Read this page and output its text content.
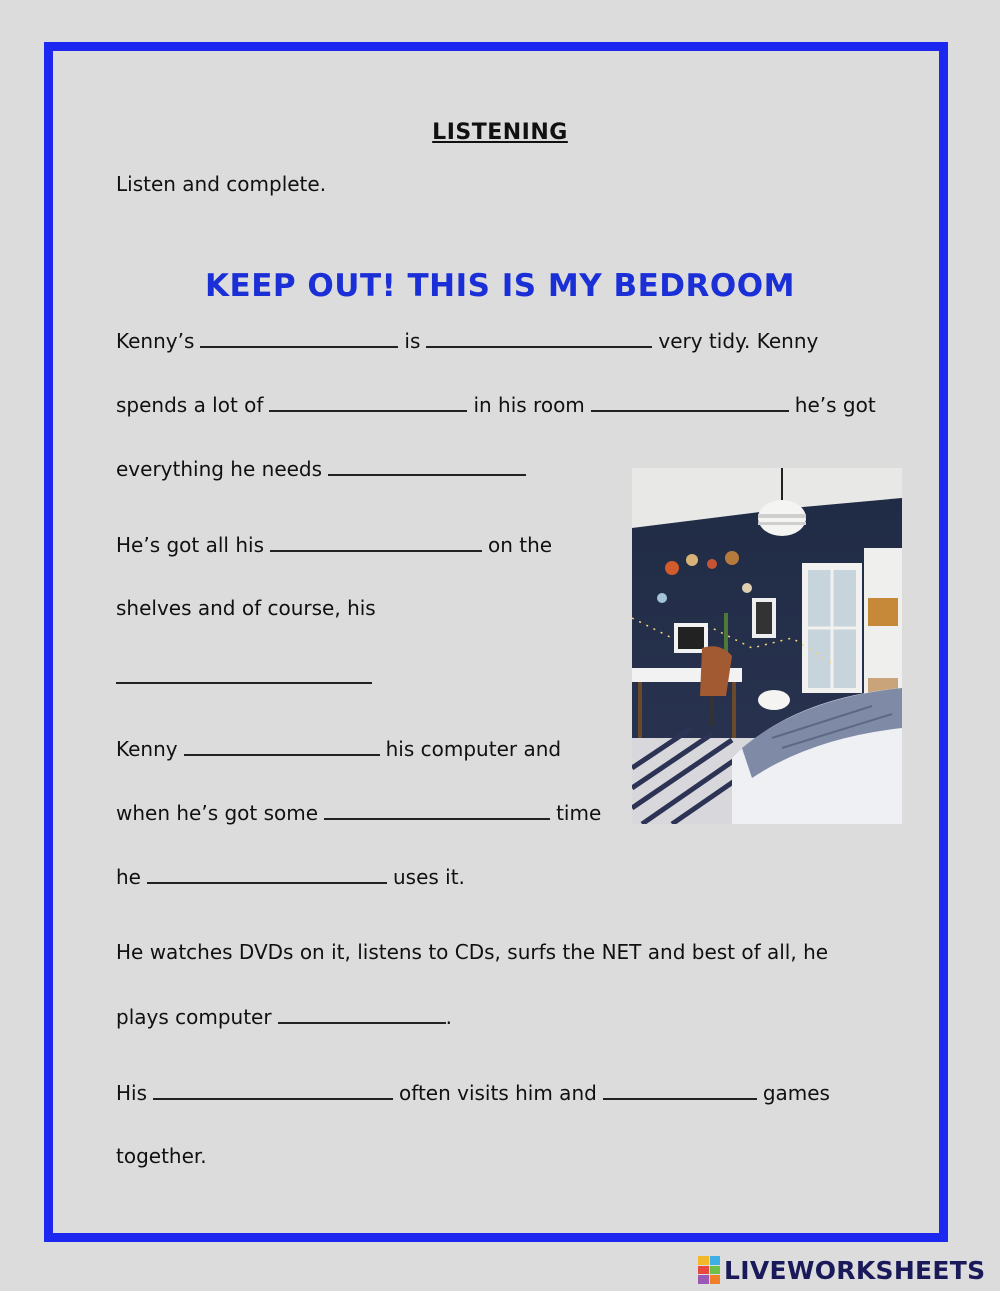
LISTENING
Listen and complete.
KEEP OUT! THIS IS MY BEDROOM
Kenny’s	is	very tidy. Kenny
spends a lot of	in his room	he’s got
everything he needs
He’s got all his	on the
shelves and of course, his
Kenny	his computer and
when he’s got some	time
he	uses it.
He watches DVDs on it, listens to CDs, surfs the NET and best of all, he
plays computer	.
His	often visits him and	games
together.
LIVEWORKSHEETS
